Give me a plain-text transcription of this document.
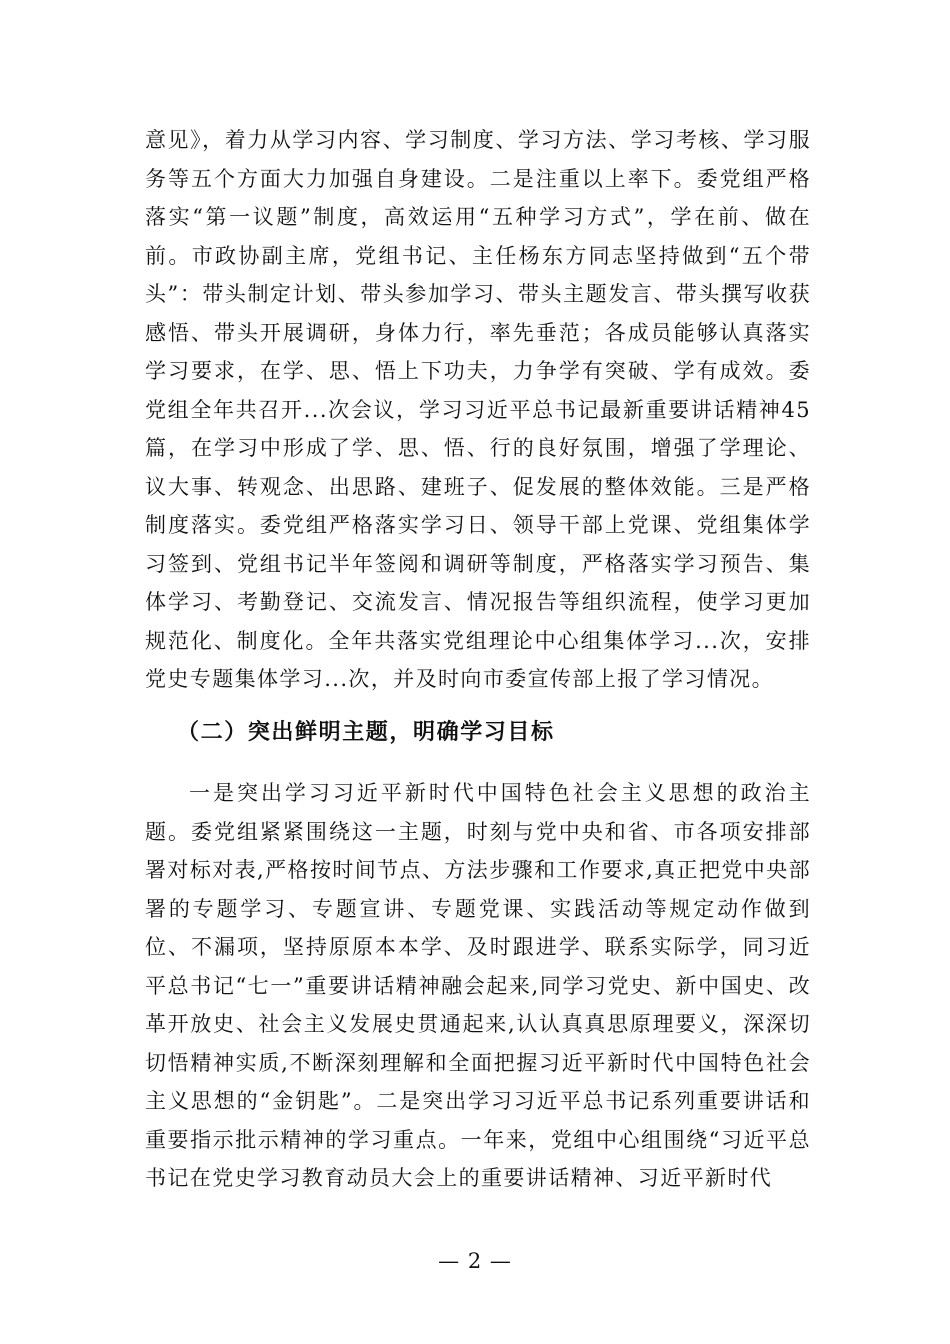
意见》，着力从学习内容、学习制度、学习方法、学习考核、学习服务等五个方面大力加强自身建设。二是注重以上率下。委党组严格落实“第一议题”制度，高效运用“五种学习方式”，学在前、做在前。市政协副主席，党组书记、主任杨东方同志坚持做到“五个带头”：带头制定计划、带头参加学习、带头主题发言、带头撰写收获感悟、带头开展调研，身体力行，率先垂范；各成员能够认真落实学习要求，在学、思、悟上下功夫，力争学有突破、学有成效。委党组全年共召开...次会议，学习习近平总书记最新重要讲话精神45篇，在学习中形成了学、思、悟、行的良好氛围，增强了学理论、议大事、转观念、出思路、建班子、促发展的整体效能。三是严格制度落实。委党组严格落实学习日、领导干部上党课、党组集体学习签到、党组书记半年签阅和调研等制度，严格落实学习预告、集体学习、考勤登记、交流发言、情况报告等组织流程，使学习更加规范化、制度化。全年共落实党组理论中心组集体学习...次，安排党史专题集体学习...次，并及时向市委宣传部上报了学习情况。

（二）突出鲜明主题，明确学习目标

一是突出学习习近平新时代中国特色社会主义思想的政治主题。委党组紧紧围绕这一主题，时刻与党中央和省、市各项安排部署对标对表,严格按时间节点、方法步骤和工作要求,真正把党中央部署的专题学习、专题宣讲、专题党课、实践活动等规定动作做到位、不漏项，坚持原原本本学、及时跟进学、联系实际学，同习近平总书记“七一”重要讲话精神融会起来,同学习党史、新中国史、改革开放史、社会主义发展史贯通起来,认认真真思原理要义，深深切切悟精神实质,不断深刻理解和全面把握习近平新时代中国特色社会主义思想的“金钥匙”。二是突出学习习近平总书记系列重要讲话和重要指示批示精神的学习重点。一年来，党组中心组围绕“习近平总书记在党史学习教育动员大会上的重要讲话精神、习近平新时代

— 2 —
